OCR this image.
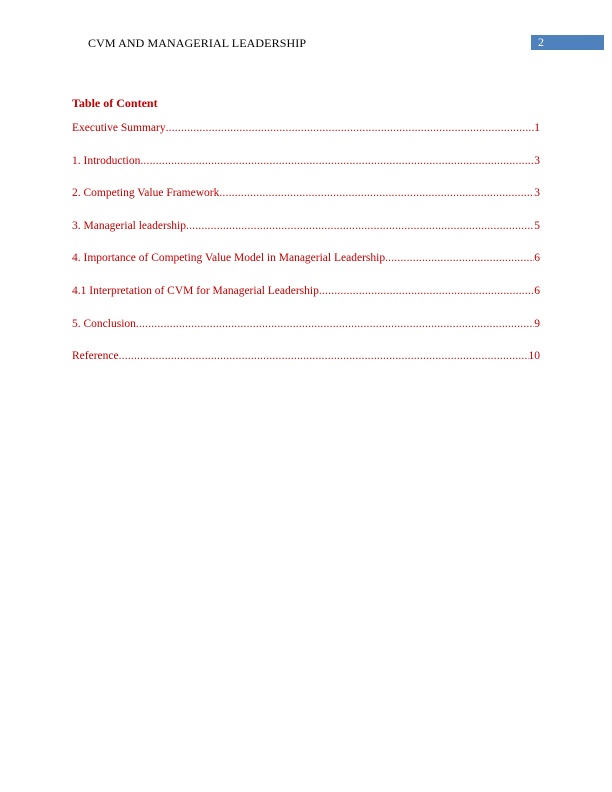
CVM AND MANAGERIAL LEADERSHIP	2
Table of Content
Executive Summary .....	1
1. Introduction .....	3
2. Competing Value Framework .....	3
3. Managerial leadership .....	5
4. Importance of Competing Value Model in Managerial Leadership .....	6
4.1 Interpretation of CVM for Managerial Leadership .....	6
5. Conclusion .....	9
Reference .....	10
